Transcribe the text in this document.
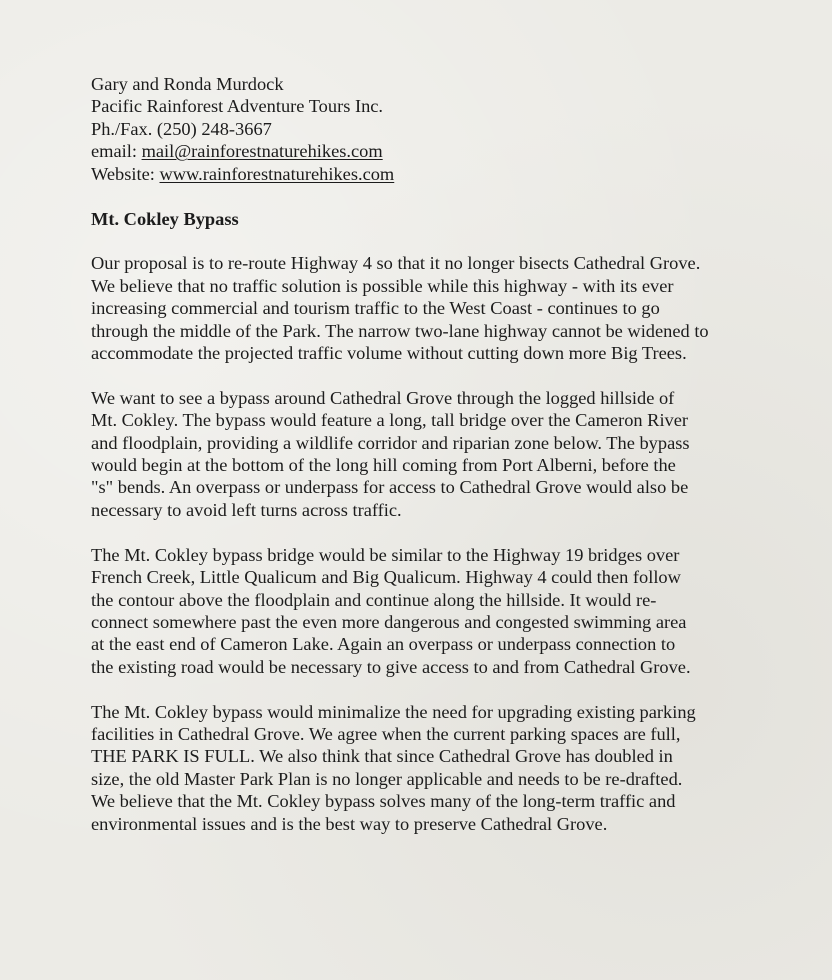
Gary and Ronda Murdock
Pacific Rainforest Adventure Tours Inc.
Ph./Fax. (250) 248-3667
email: mail@rainforestnaturehikes.com
Website: www.rainforestnaturehikes.com
Mt. Cokley Bypass

Our proposal is to re-route Highway 4 so that it no longer bisects Cathedral Grove.
We believe that no traffic solution is possible while this highway - with its ever
increasing commercial and tourism traffic to the West Coast - continues to go
through the middle of the Park. The narrow two-lane highway cannot be widened to
accommodate the projected traffic volume without cutting down more Big Trees.

We want to see a bypass around Cathedral Grove through the logged hillside of
Mt. Cokley. The bypass would feature a long, tall bridge over the Cameron River
and floodplain, providing a wildlife corridor and riparian zone below. The bypass
would begin at the bottom of the long hill coming from Port Alberni, before the
"s" bends. An overpass or underpass for access to Cathedral Grove would also be
necessary to avoid left turns across traffic.

The Mt. Cokley bypass bridge would be similar to the Highway 19 bridges over
French Creek, Little Qualicum and Big Qualicum. Highway 4 could then follow
the contour above the floodplain and continue along the hillside. It would re-
connect somewhere past the even more dangerous and congested swimming area
at the east end of Cameron Lake. Again an overpass or underpass connection to
the existing road would be necessary to give access to and from Cathedral Grove.

The Mt. Cokley bypass would minimalize the need for upgrading existing parking
facilities in Cathedral Grove. We agree when the current parking spaces are full,
THE PARK IS FULL. We also think that since Cathedral Grove has doubled in
size, the old Master Park Plan is no longer applicable and needs to be re-drafted.
We believe that the Mt. Cokley bypass solves many of the long-term traffic and
environmental issues and is the best way to preserve Cathedral Grove.
